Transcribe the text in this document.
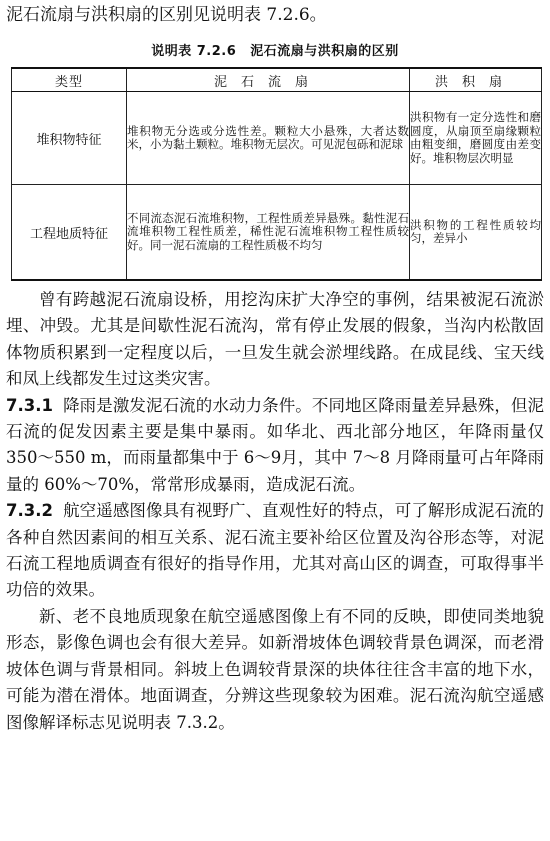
泥石流扇与洪积扇的区别见说明表 7.2.6。
说明表 7.2.6 泥石流扇与洪积扇的区别
类型	泥石流扇	洪积扇
堆积物特征	堆积物无分选或分选性差。颗粒大小悬殊，大者达数米，小为黏土颗粒。堆积物无层次。可见泥包砾和泥球	洪积物有一定分选性和磨圆度，从扇顶至扇缘颗粒由粗变细，磨圆度由差变好。堆积物层次明显
工程地质特征	不同流态泥石流堆积物，工程性质差异悬殊。黏性泥石流堆积物工程性质差，稀性泥石流堆积物工程性质较好。同一泥石流扇的工程性质极不均匀	洪积物的工程性质较均匀，差异小

曾有跨越泥石流扇设桥，用挖沟床扩大净空的事例，结果被泥石流淤埋、冲毁。尤其是间歇性泥石流沟，常有停止发展的假象，当沟内松散固体物质积累到一定程度以后，一旦发生就会淤埋线路。在成昆线、宝天线和凤上线都发生过这类灾害。

7.3.1 降雨是激发泥石流的水动力条件。不同地区降雨量差异悬殊，但泥石流的促发因素主要是集中暴雨。如华北、西北部分地区，年降雨量仅 350～550 m，而雨量都集中于 6～9月，其中 7～8 月降雨量可占年降雨量的 60%～70%，常常形成暴雨，造成泥石流。

7.3.2 航空遥感图像具有视野广、直观性好的特点，可了解形成泥石流的各种自然因素间的相互关系、泥石流主要补给区位置及沟谷形态等，对泥石流工程地质调查有很好的指导作用，尤其对高山区的调查，可取得事半功倍的效果。

新、老不良地质现象在航空遥感图像上有不同的反映，即使同类地貌形态，影像色调也会有很大差异。如新滑坡体色调较背景色调深，而老滑坡体色调与背景相同。斜坡上色调较背景深的块体往往含丰富的地下水，可能为潜在滑体。地面调查，分辨这些现象较为困难。泥石流沟航空遥感图像解译标志见说明表 7.3.2。
